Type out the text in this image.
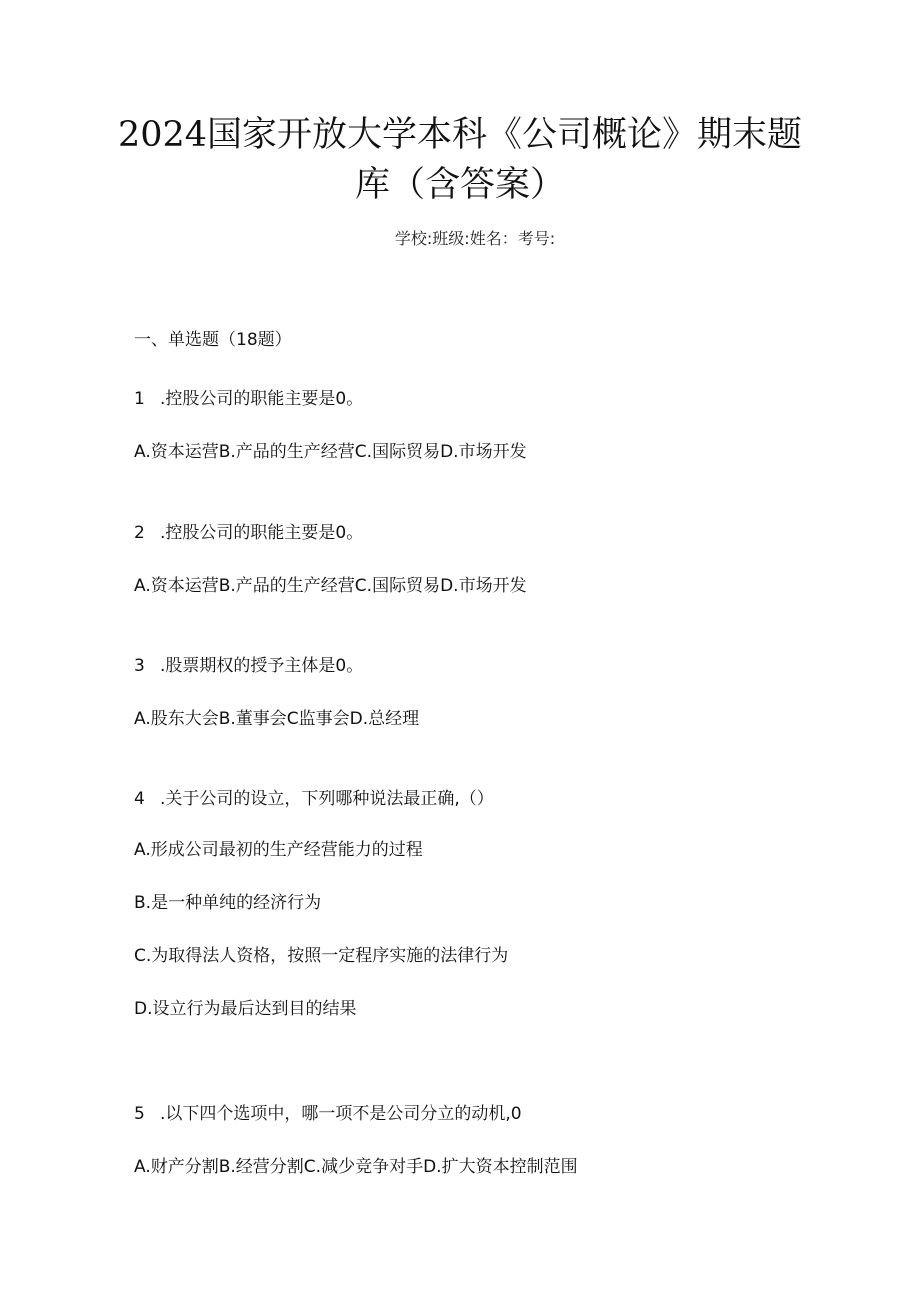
2024国家开放大学本科《公司概论》期末题
库（含答案）
学校:班级:姓名：考号:
一、单选题（18题）
1 .控股公司的职能主要是0。
A.资本运营B.产品的生产经营C.国际贸易D.市场开发
2 .控股公司的职能主要是0。
A.资本运营B.产品的生产经营C.国际贸易D.市场开发
3 .股票期权的授予主体是0。
A.股东大会B.董事会C监事会D.总经理
4 .关于公司的设立，下列哪种说法最正确,（）
A.形成公司最初的生产经营能力的过程
B.是一种单纯的经济行为
C.为取得法人资格，按照一定程序实施的法律行为
D.设立行为最后达到目的结果
5 .以下四个选项中，哪一项不是公司分立的动机,0
A.财产分割B.经营分割C.减少竞争对手D.扩大资本控制范围
